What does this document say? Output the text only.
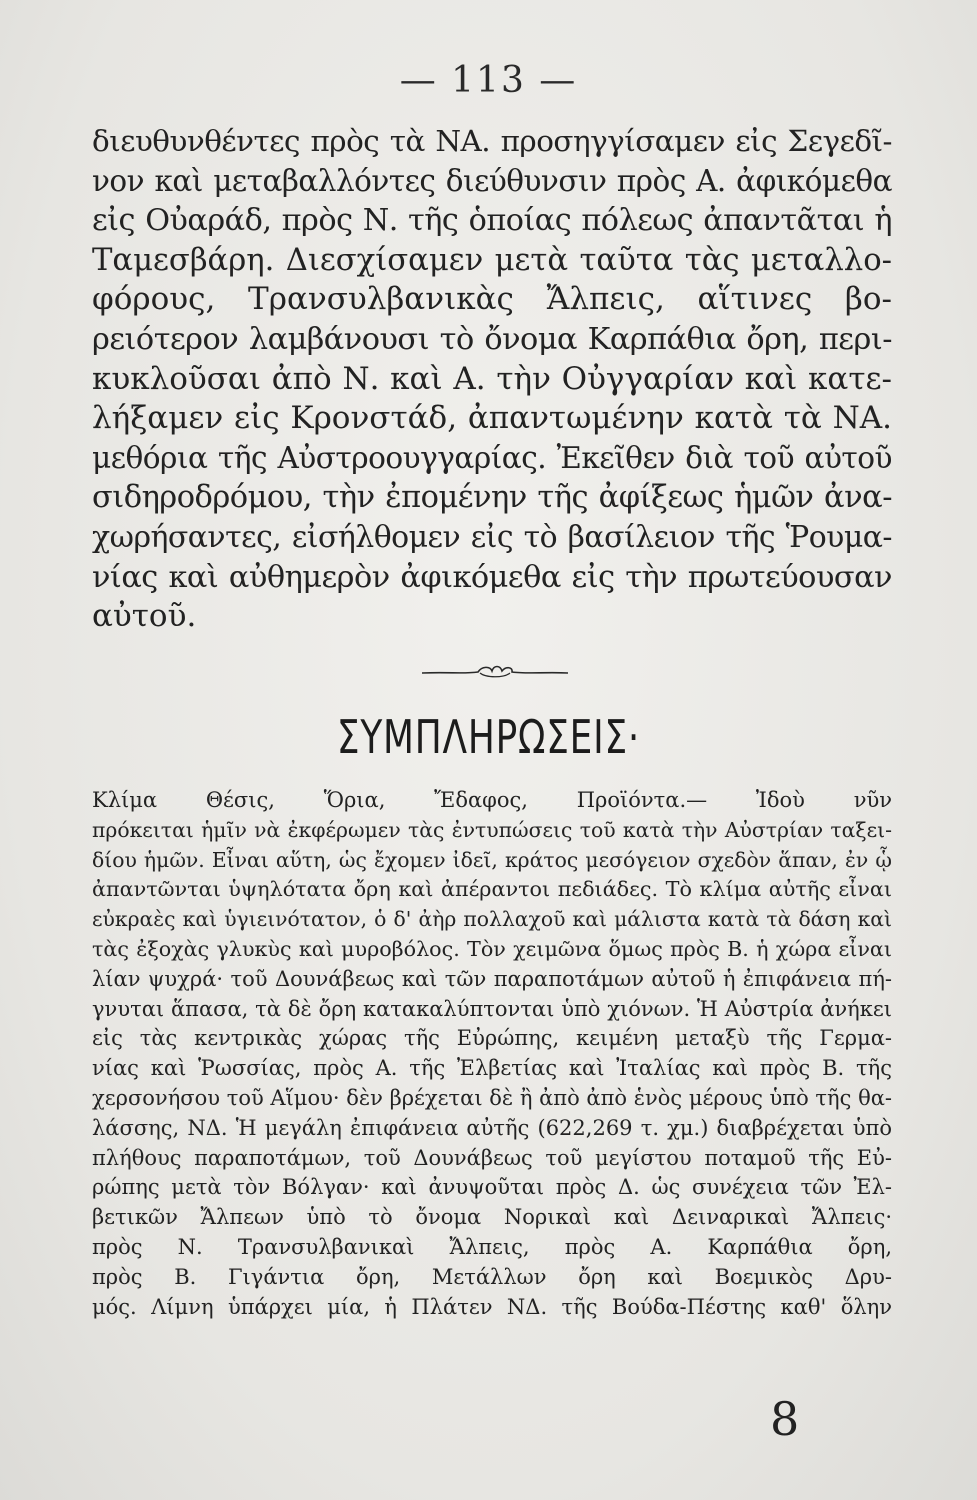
— 113 —
διευθυνθέντες πρὸς τὰ ΝΑ. προσηγγίσαμεν εἰς Σεγεδῖ-
νον καὶ μεταβαλλόντες διεύθυνσιν πρὸς Α. ἀφικόμεθα
εἰς Οὐαράδ, πρὸς Ν. τῆς ὁποίας πόλεως ἀπαντᾶται ἡ
Ταμεσβάρη. Διεσχίσαμεν μετὰ ταῦτα τὰς μεταλλο-
φόρους, Τρανσυλβανικὰς Ἄλπεις, αἵτινες βο-
ρειότερον λαμβάνουσι τὸ ὄνομα Καρπάθια ὄρη, περι-
κυκλοῦσαι ἀπὸ Ν. καὶ Α. τὴν Οὐγγαρίαν καὶ κατε-
λήξαμεν εἰς Κρονστάδ, ἀπαντωμένην κατὰ τὰ ΝΑ.
μεθόρια τῆς Αὐστροουγγαρίας. Ἐκεῖθεν διὰ τοῦ αὐτοῦ
σιδηροδρόμου, τὴν ἐπομένην τῆς ἀφίξεως ἡμῶν ἀνα-
χωρήσαντες, εἰσήλθομεν εἰς τὸ βασίλειον τῆς Ῥουμα-
νίας καὶ αὐθημερὸν ἀφικόμεθα εἰς τὴν πρωτεύουσαν
αὐτοῦ.
ΣΥΜΠΛΗΡΩΣΕΙΣ·
Κλίμα Θέσις, Ὅρια, Ἔδαφος, Προϊόντα.— Ἰδοὺ νῦν
πρόκειται ἡμῖν νὰ ἐκφέρωμεν τὰς ἐντυπώσεις τοῦ κατὰ τὴν Αὐστρίαν ταξει-
δίου ἡμῶν. Εἶναι αὕτη, ὡς ἔχομεν ἰδεῖ, κράτος μεσόγειον σχεδὸν ἅπαν, ἐν ᾧ
ἀπαντῶνται ὑψηλότατα ὄρη καὶ ἀπέραντοι πεδιάδες. Τὸ κλίμα αὐτῆς εἶναι
εὐκραὲς καὶ ὑγιεινότατον, ὁ δ' ἀὴρ πολλαχοῦ καὶ μάλιστα κατὰ τὰ δάση καὶ
τὰς ἐξοχὰς γλυκὺς καὶ μυροβόλος. Τὸν χειμῶνα ὅμως πρὸς Β. ἡ χώρα εἶναι
λίαν ψυχρά· τοῦ Δουνάβεως καὶ τῶν παραποτάμων αὐτοῦ ἡ ἐπιφάνεια πή-
γνυται ἅπασα, τὰ δὲ ὄρη κατακαλύπτονται ὑπὸ χιόνων. Ἡ Αὐστρία ἀνήκει
εἰς τὰς κεντρικὰς χώρας τῆς Εὐρώπης, κειμένη μεταξὺ τῆς Γερμα-
νίας καὶ Ῥωσσίας, πρὸς Α. τῆς Ἐλβετίας καὶ Ἰταλίας καὶ πρὸς Β. τῆς
χερσονήσου τοῦ Αἵμου· δὲν βρέχεται δὲ ἢ ἀπὸ ἀπὸ ἑνὸς μέρους ὑπὸ τῆς θα-
λάσσης, ΝΔ. Ἡ μεγάλη ἐπιφάνεια αὐτῆς (622,269 τ. χμ.) διαβρέχεται ὑπὸ
πλήθους παραποτάμων, τοῦ Δουνάβεως τοῦ μεγίστου ποταμοῦ τῆς Εὐ-
ρώπης μετὰ τὸν Βόλγαν· καὶ ἀνυψοῦται πρὸς Δ. ὡς συνέχεια τῶν Ἐλ-
βετικῶν Ἄλπεων ὑπὸ τὸ ὄνομα Νορικαὶ καὶ Δειναρικαὶ Ἄλπεις·
πρὸς Ν. Τρανσυλβανικαὶ Ἄλπεις, πρὸς Α. Καρπάθια ὄρη,
πρὸς Β. Γιγάντια ὄρη, Μετάλλων ὄρη καὶ Βοεμικὸς Δρυ-
μός. Λίμνη ὑπάρχει μία, ἡ Πλάτεν ΝΔ. τῆς Βούδα-Πέστης καθ' ὅλην
8
